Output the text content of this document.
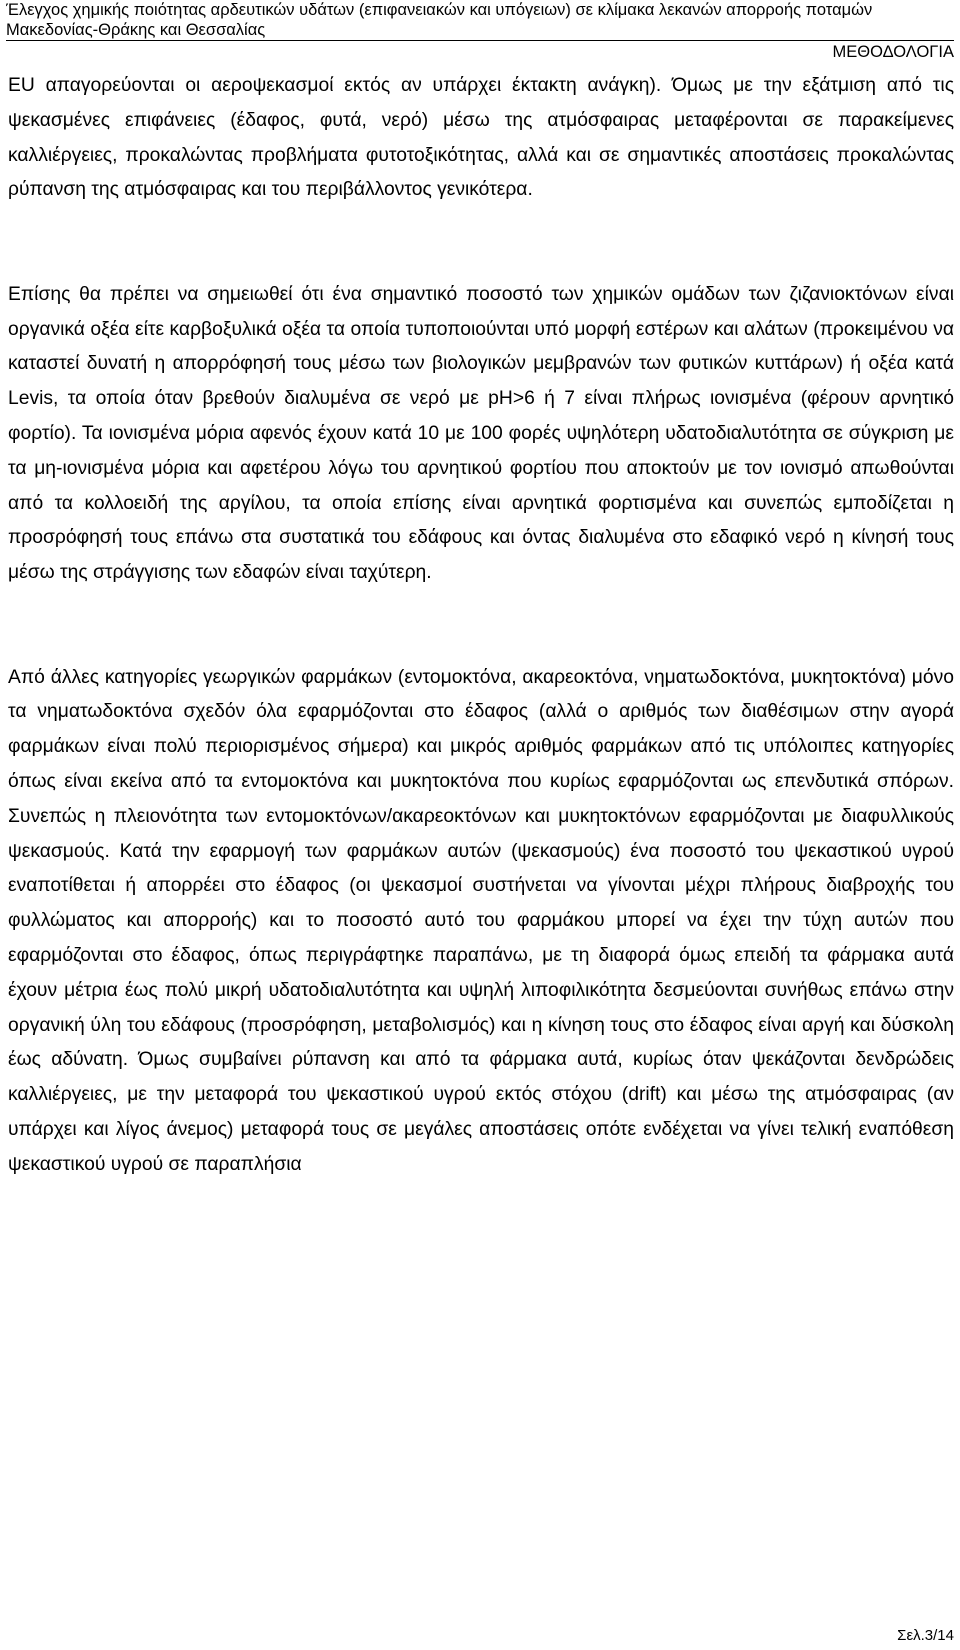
Έλεγχος χημικής ποιότητας αρδευτικών υδάτων (επιφανειακών και υπόγειων) σε κλίμακα λεκανών απορροής ποταμών
Μακεδονίας-Θράκης και Θεσσαλίας
ΜΕΘΟΔΟΛΟΓΙΑ

EU απαγορεύονται οι αεροψεκασμοί εκτός αν υπάρχει έκτακτη ανάγκη). Όμως με την εξάτμιση από τις ψεκασμένες επιφάνειες (έδαφος, φυτά, νερό) μέσω της ατμόσφαιρας μεταφέρονται σε παρακείμενες καλλιέργειες, προκαλώντας προβλήματα φυτοτοξικότητας, αλλά και σε σημαντικές αποστάσεις προκαλώντας ρύπανση της ατμόσφαιρας και του περιβάλλοντος γενικότερα.

Επίσης θα πρέπει να σημειωθεί ότι ένα σημαντικό ποσοστό των χημικών ομάδων των ζιζανιοκτόνων είναι οργανικά οξέα είτε καρβοξυλικά οξέα τα οποία τυποποιούνται υπό μορφή εστέρων και αλάτων (προκειμένου να καταστεί δυνατή η απορρόφησή τους μέσω των βιολογικών μεμβρανών των φυτικών κυττάρων) ή οξέα κατά Levis, τα οποία όταν βρεθούν διαλυμένα σε νερό με pH>6 ή 7 είναι πλήρως ιονισμένα (φέρουν αρνητικό φορτίο). Τα ιονισμένα μόρια αφενός έχουν κατά 10 με 100 φορές υψηλότερη υδατοδιαλυτότητα σε σύγκριση με τα μη-ιονισμένα μόρια και αφετέρου λόγω του αρνητικού φορτίου που αποκτούν με τον ιονισμό απωθούνται από τα κολλοειδή της αργίλου, τα οποία επίσης είναι αρνητικά φορτισμένα και συνεπώς εμποδίζεται η προσρόφησή τους επάνω στα συστατικά του εδάφους και όντας διαλυμένα στο εδαφικό νερό η κίνησή τους μέσω της στράγγισης των εδαφών είναι ταχύτερη.

Από άλλες κατηγορίες γεωργικών φαρμάκων (εντομοκτόνα, ακαρεοκτόνα, νηματωδοκτόνα, μυκητοκτόνα) μόνο τα νηματωδοκτόνα σχεδόν όλα εφαρμόζονται στο έδαφος (αλλά ο αριθμός των διαθέσιμων στην αγορά φαρμάκων είναι πολύ περιορισμένος σήμερα) και μικρός αριθμός φαρμάκων από τις υπόλοιπες κατηγορίες όπως είναι εκείνα από τα εντομοκτόνα και μυκητοκτόνα που κυρίως εφαρμόζονται ως επενδυτικά σπόρων. Συνεπώς η πλειονότητα των εντομοκτόνων/ακαρεοκτόνων και μυκητοκτόνων εφαρμόζονται με διαφυλλικούς ψεκασμούς. Κατά την εφαρμογή των φαρμάκων αυτών (ψεκασμούς) ένα ποσοστό του ψεκαστικού υγρού εναποτίθεται ή απορρέει στο έδαφος (οι ψεκασμοί συστήνεται να γίνονται μέχρι πλήρους διαβροχής του φυλλώματος και απορροής) και το ποσοστό αυτό του φαρμάκου μπορεί να έχει την τύχη αυτών που εφαρμόζονται στο έδαφος, όπως περιγράφτηκε παραπάνω, με τη διαφορά όμως επειδή τα φάρμακα αυτά έχουν μέτρια έως πολύ μικρή υδατοδιαλυτότητα και υψηλή λιποφιλικότητα δεσμεύονται συνήθως επάνω στην οργανική ύλη του εδάφους (προσρόφηση, μεταβολισμός) και η κίνηση τους στο έδαφος είναι αργή και δύσκολη έως αδύνατη. Όμως συμβαίνει ρύπανση και από τα φάρμακα αυτά, κυρίως όταν ψεκάζονται δενδρώδεις καλλιέργειες, με την μεταφορά του ψεκαστικού υγρού εκτός στόχου (drift) και μέσω της ατμόσφαιρας (αν υπάρχει και λίγος άνεμος) μεταφορά τους σε μεγάλες αποστάσεις οπότε ενδέχεται να γίνει τελική εναπόθεση ψεκαστικού υγρού σε παραπλήσια

Σελ.3/14
